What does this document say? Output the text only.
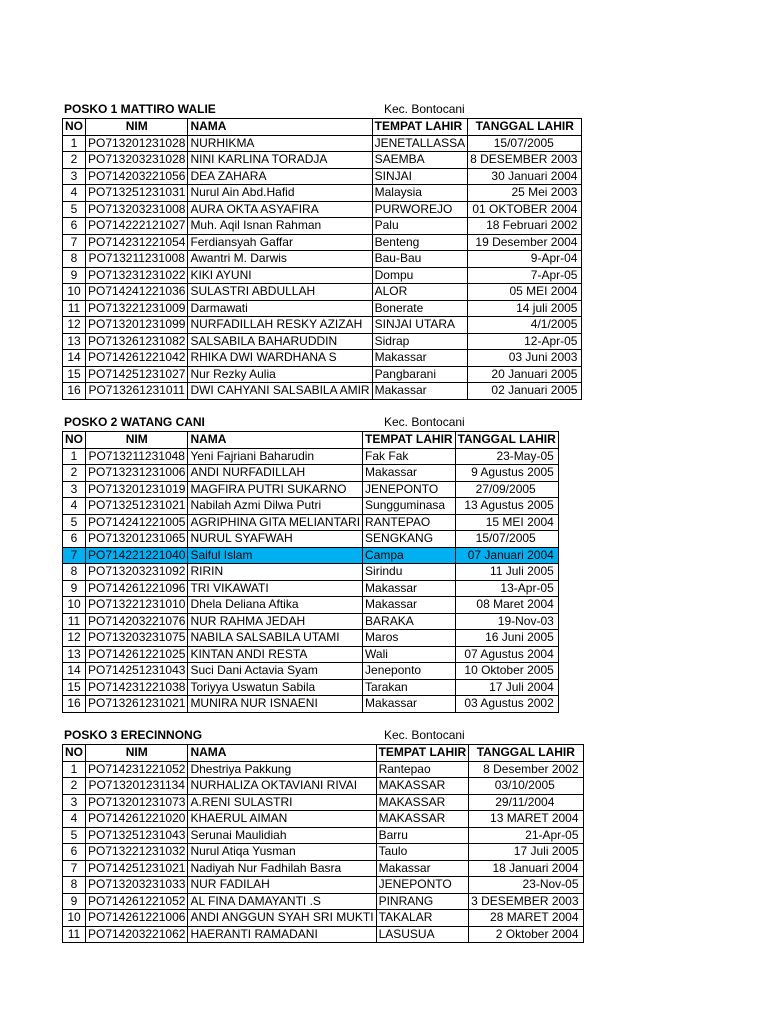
POSKO 1 MATTIRO WALIE	Kec. Bontocani
NO	NIM	NAMA	TEMPAT LAHIR	TANGGAL LAHIR
1	PO713201231028	NURHIKMA	JENETALLASSA	15/07/2005
2	PO713203231028	NINI KARLINA TORADJA	SAEMBA	8 DESEMBER 2003
3	PO714203221056	DEA ZAHARA	SINJAI	30 Januari 2004
4	PO713251231031	Nurul Ain Abd.Hafid	Malaysia	25 Mei 2003
5	PO713203231008	AURA OKTA ASYAFIRA	PURWOREJO	01 OKTOBER 2004
6	PO714222121027	Muh. Aqil Isnan Rahman	Palu	18 Februari 2002
7	PO714231221054	Ferdiansyah Gaffar	Benteng	19 Desember 2004
8	PO713211231008	Awantri M. Darwis	Bau-Bau	9-Apr-04
9	PO713231231022	KIKI AYUNI	Dompu	7-Apr-05
10	PO714241221036	SULASTRI ABDULLAH	ALOR	05 MEI 2004
11	PO713221231009	Darmawati	Bonerate	14 juli 2005
12	PO713201231099	NURFADILLAH RESKY AZIZAH	SINJAI UTARA	4/1/2005
13	PO713261231082	SALSABILA BAHARUDDIN	Sidrap	12-Apr-05
14	PO714261221042	RHIKA DWI WARDHANA S	Makassar	03 Juni 2003
15	PO714251231027	Nur Rezky Aulia	Pangbarani	20 Januari 2005
16	PO713261231011	DWI CAHYANI SALSABILA AMIR	Makassar	02 Januari 2005
POSKO 2 WATANG CANI	Kec. Bontocani
NO	NIM	NAMA	TEMPAT LAHIR	TANGGAL LAHIR
1	PO713211231048	Yeni Fajriani Baharudin	Fak Fak	23-May-05
2	PO713231231006	ANDI NURFADILLAH	Makassar	9 Agustus 2005
3	PO713201231019	MAGFIRA PUTRI SUKARNO	JENEPONTO	27/09/2005
4	PO713251231021	Nabilah Azmi Dilwa Putri	Sungguminasa	13 Agustus 2005
5	PO714241221005	AGRIPHINA GITA MELIANTARI	RANTEPAO	15 MEI 2004
6	PO713201231065	NURUL SYAFWAH	SENGKANG	15/07/2005
7	PO714221221040	Saiful Islam	Campa	07 Januari 2004
8	PO713203231092	RIRIN	Sirindu	11 Juli 2005
9	PO714261221096	TRI VIKAWATI	Makassar	13-Apr-05
10	PO713221231010	Dhela Deliana Aftika	Makassar	08 Maret 2004
11	PO714203221076	NUR RAHMA JEDAH	BARAKA	19-Nov-03
12	PO713203231075	NABILA SALSABILA UTAMI	Maros	16 Juni 2005
13	PO714261221025	KINTAN ANDI RESTA	Wali	07 Agustus 2004
14	PO714251231043	Suci Dani Actavia Syam	Jeneponto	10 Oktober 2005
15	PO714231221038	Toriyya Uswatun Sabila	Tarakan	17 Juli 2004
16	PO713261231021	MUNIRA NUR ISNAENI	Makassar	03 Agustus 2002
POSKO 3 ERECINNONG	Kec. Bontocani
NO	NIM	NAMA	TEMPAT LAHIR	TANGGAL LAHIR
1	PO714231221052	Dhestriya Pakkung	Rantepao	8 Desember 2002
2	PO713201231134	NURHALIZA OKTAVIANI RIVAI	MAKASSAR	03/10/2005
3	PO713201231073	A.RENI SULASTRI	MAKASSAR	29/11/2004
4	PO714261221020	KHAERUL AIMAN	MAKASSAR	13 MARET 2004
5	PO713251231043	Serunai Maulidiah	Barru	21-Apr-05
6	PO713221231032	Nurul Atiqa Yusman	Taulo	17 Juli 2005
7	PO714251231021	Nadiyah Nur Fadhilah Basra	Makassar	18 Januari 2004
8	PO713203231033	NUR FADILAH	JENEPONTO	23-Nov-05
9	PO714261221052	AL FINA DAMAYANTI .S	PINRANG	3 DESEMBER 2003
10	PO714261221006	ANDI ANGGUN SYAH SRI MUKTI	TAKALAR	28 MARET 2004
11	PO714203221062	HAERANTI RAMADANI	LASUSUA	2 Oktober 2004
